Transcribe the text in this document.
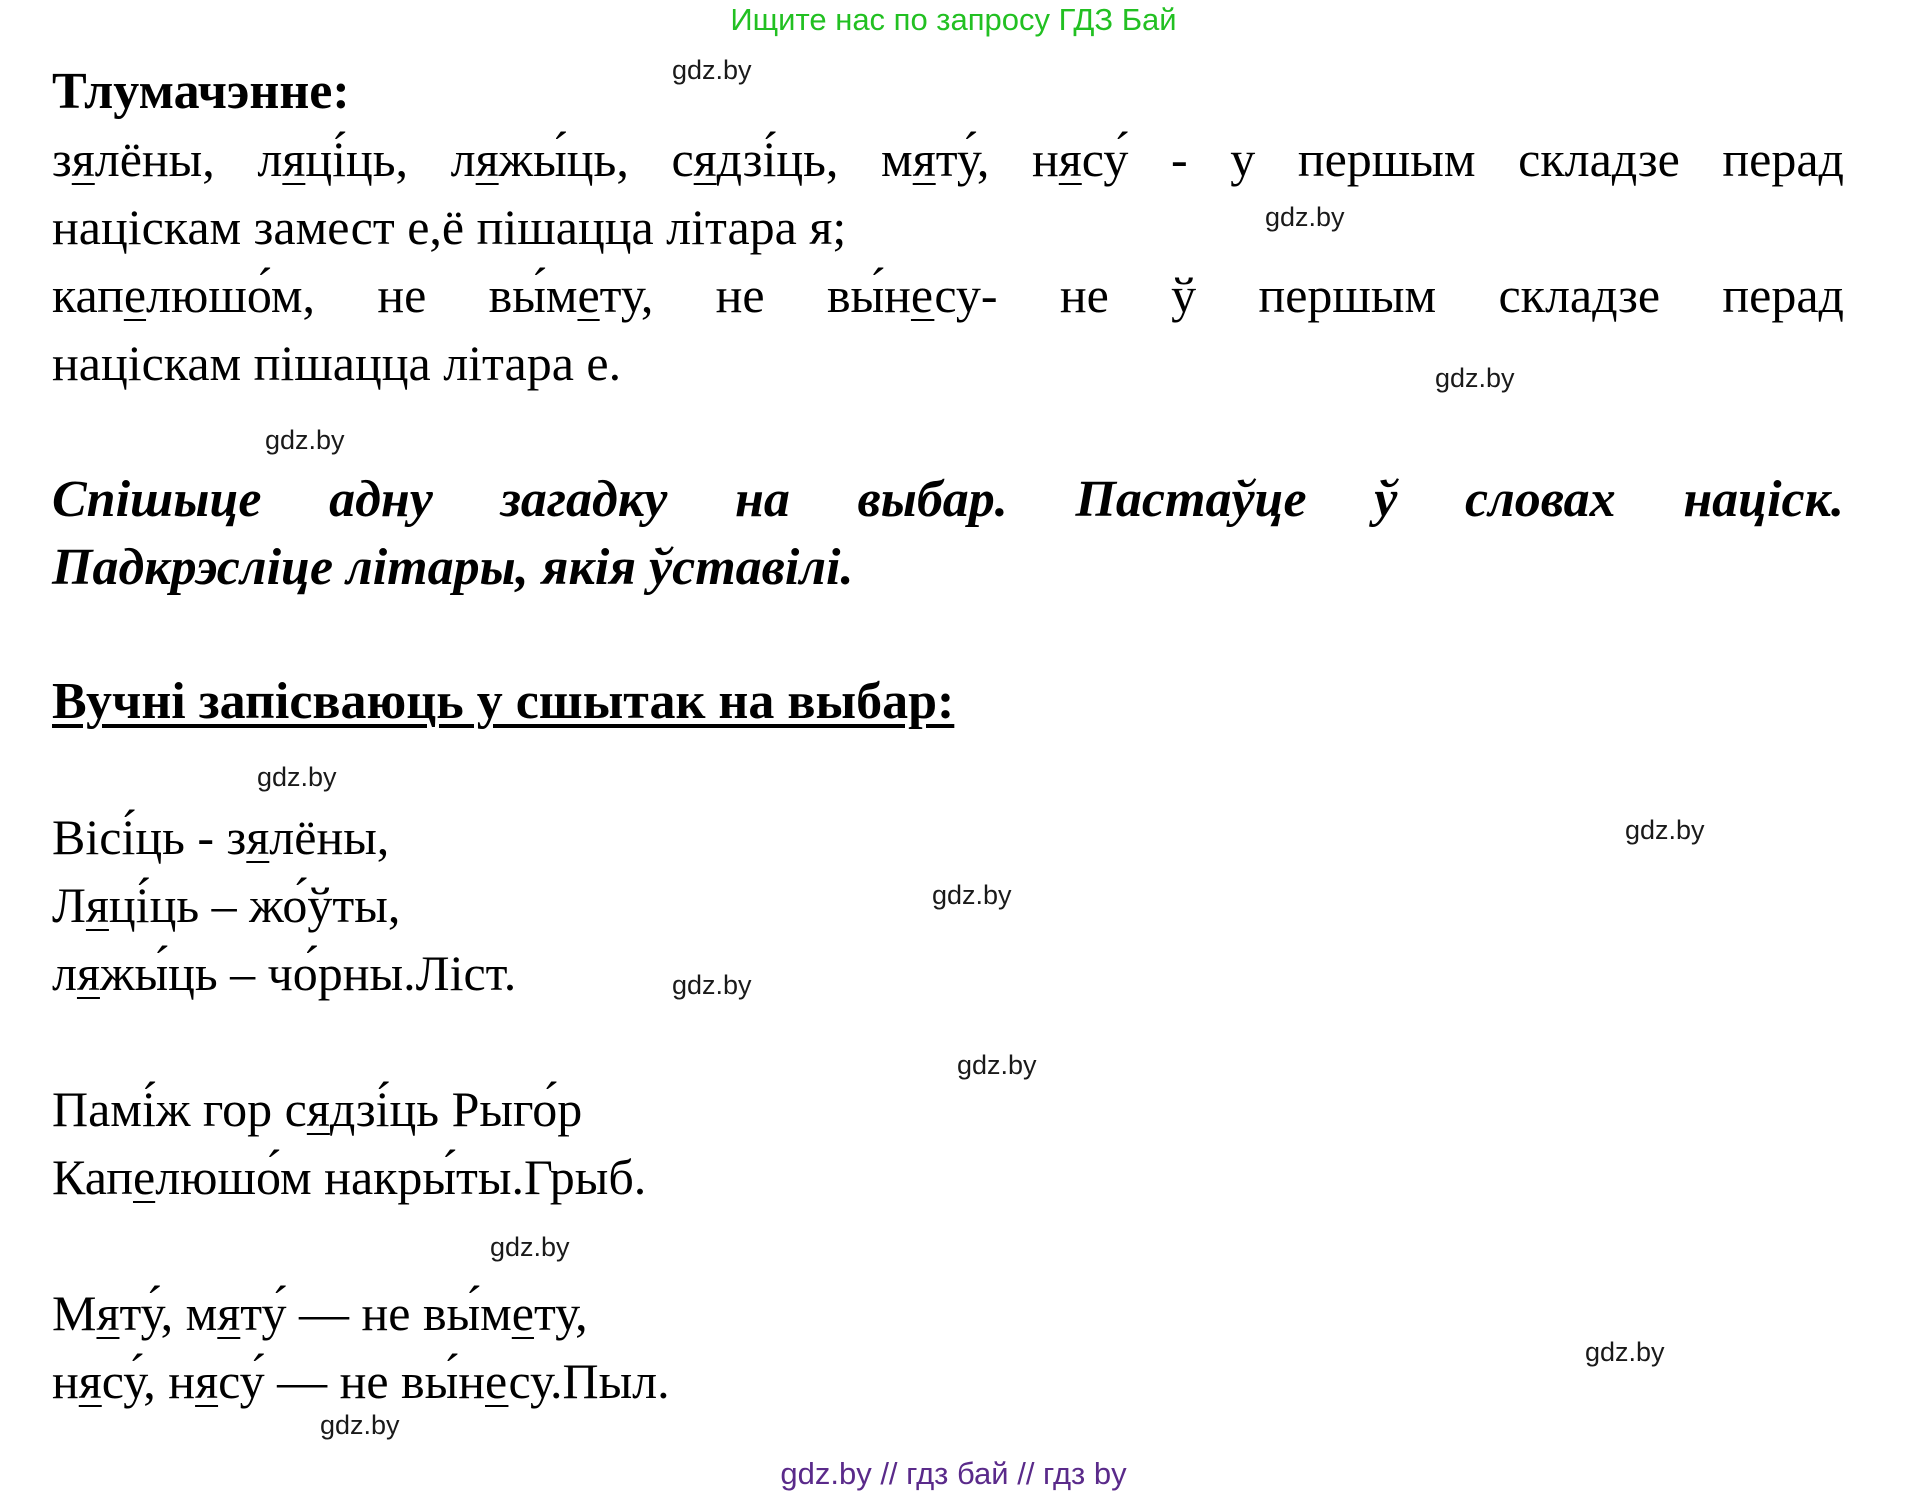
Ищите нас по запросу ГДЗ Бай
gdz.by
gdz.by
gdz.by
gdz.by
gdz.by
gdz.by
gdz.by
gdz.by
gdz.by
gdz.by
gdz.by
gdz.by
Тлумачэнне:
зялёны, ляці́ць, ляжы́ць, сядзі́ць, мяту́, нясу́ - у першым складзе перад
націскам замест е,ё пішацца літара я;
капелюшо́м, не вы́мету, не вы́несу- не ў першым складзе перад
націскам пішацца літара е.
Спішыце адну загадку на выбар. Пастаўце ў словах націск.
Падкрэсліце літары, якія ўставілі.
Вучні запісваюць у сшытак на выбар:
Вісі́ць - зялёны,
Ляці́ць – жо́ўты,
ляжы́ць – чо́рны.Ліст.
Памі́ж гор сядзі́ць Рыго́р
Капелюшо́м накры́ты.Грыб.
Мяту́, мяту́ — не вы́мету,
нясу́, нясу́ — не вы́несу.Пыл.
gdz.by // гдз бай // гдз by
